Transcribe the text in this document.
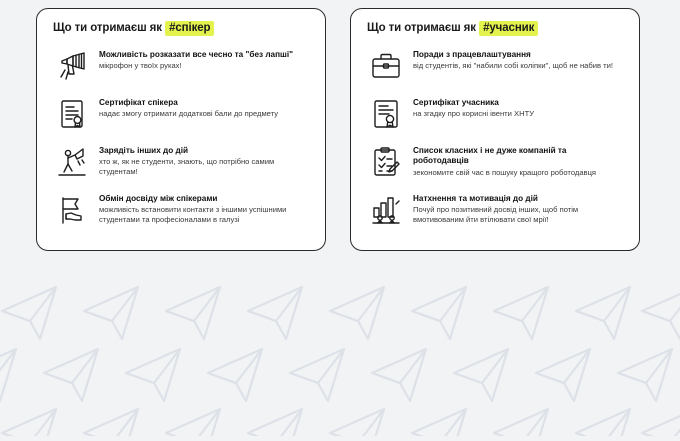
Що ти отримаєш як #спікер
Можливість розказати все чесно та "без лапші"
мікрофон у твоїх руках!
Сертифікат спікера
надає змогу отримати додаткові бали до предмету
Зарядіть інших до дій
хто ж, як не студенти, знають, що потрібно самим студентам!
Обмін досвіду між спікерами
можливість встановити контакти з іншими успішними студентами та професіоналами в галузі
Що ти отримаєш як #учасник
Поради з працевлаштування
від студентів, які "набили собі коліпки", щоб не набив ти!
Сертифікат учасника
на згадку про корисні івенти ХНТУ
Список класних і не дуже компаній та роботодавців
зекономите свій час в пошуку кращого роботодавця
Натхнення та мотивація до дій
Почуй про позитивний досвід інших, щоб потім вмотивованим йти втілювати свої мрії!
